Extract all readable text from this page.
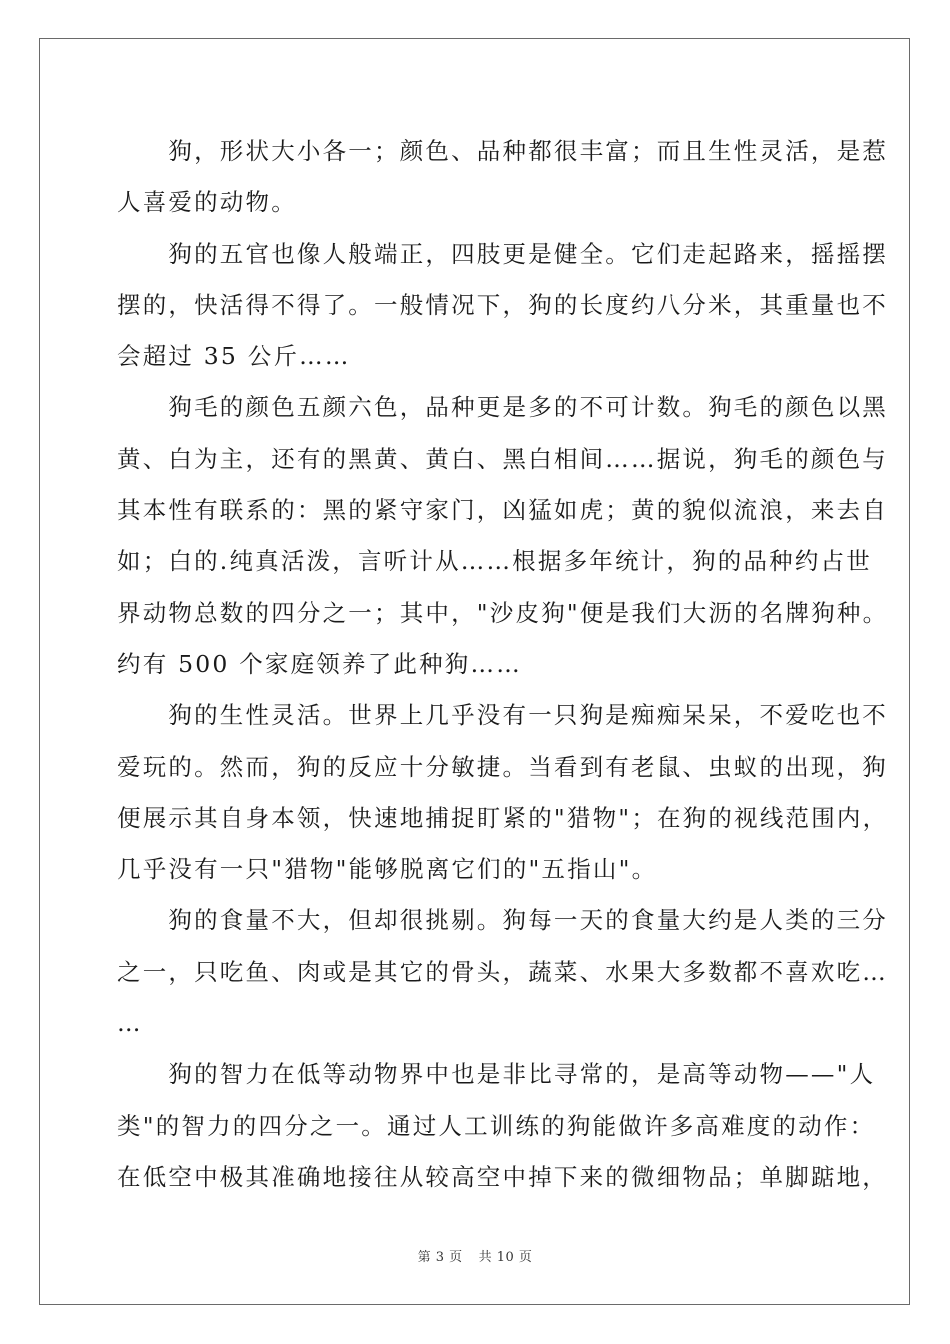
　　狗，形状大小各一；颜色、品种都很丰富；而且生性灵活，是惹
人喜爱的动物。
　　狗的五官也像人般端正，四肢更是健全。它们走起路来，摇摇摆
摆的，快活得不得了。一般情况下，狗的长度约八分米，其重量也不
会超过 35 公斤……
　　狗毛的颜色五颜六色，品种更是多的不可计数。狗毛的颜色以黑
黄、白为主，还有的黑黄、黄白、黑白相间……据说，狗毛的颜色与
其本性有联系的：黑的紧守家门，凶猛如虎；黄的貌似流浪，来去自
如；白的.纯真活泼，言听计从……根据多年统计，狗的品种约占世
界动物总数的四分之一；其中，"沙皮狗"便是我们大沥的名牌狗种。
约有 500 个家庭领养了此种狗……
　　狗的生性灵活。世界上几乎没有一只狗是痴痴呆呆，不爱吃也不
爱玩的。然而，狗的反应十分敏捷。当看到有老鼠、虫蚁的出现，狗
便展示其自身本领，快速地捕捉盯紧的"猎物"；在狗的视线范围内，
几乎没有一只"猎物"能够脱离它们的"五指山"。
　　狗的食量不大，但却很挑剔。狗每一天的食量大约是人类的三分
之一，只吃鱼、肉或是其它的骨头，蔬菜、水果大多数都不喜欢吃…
…
　　狗的智力在低等动物界中也是非比寻常的，是高等动物——"人
类"的智力的四分之一。通过人工训练的狗能做许多高难度的动作：
在低空中极其准确地接往从较高空中掉下来的微细物品；单脚踮地，
第 3 页 共 10 页
